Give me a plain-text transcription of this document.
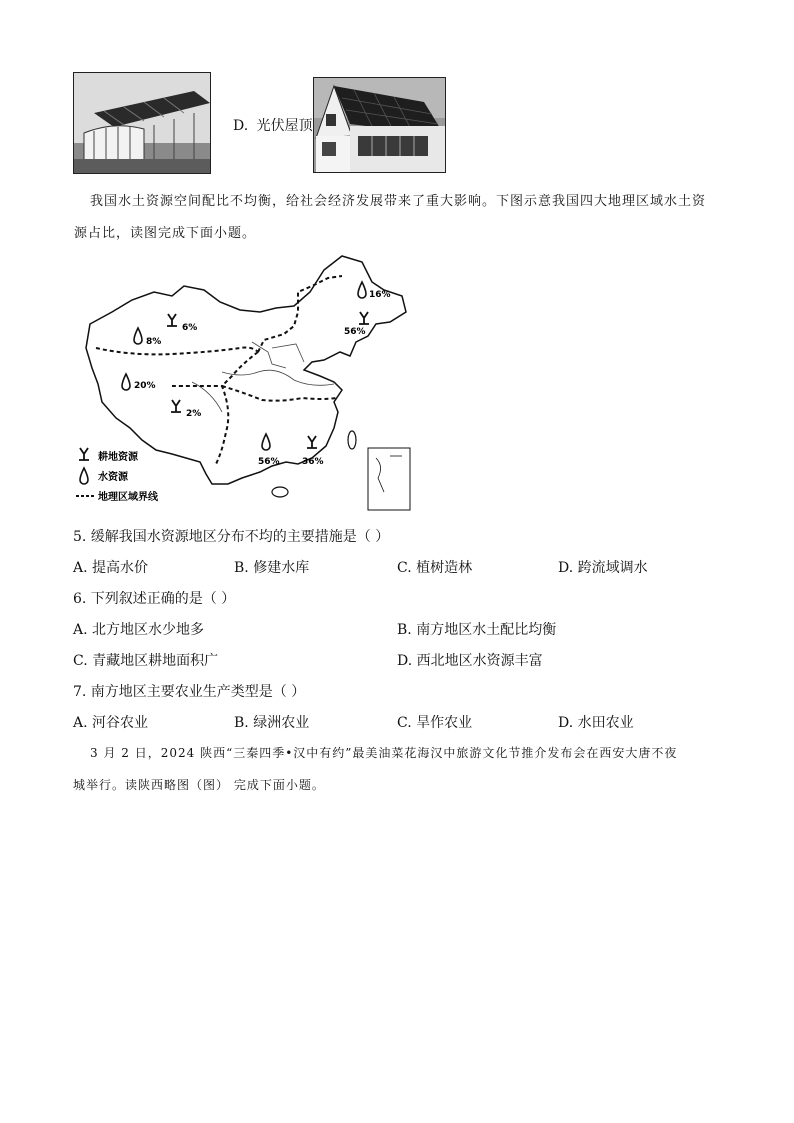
D. 光伏屋顶
我国水土资源空间配比不均衡，给社会经济发展带来了重大影响。下图示意我国四大地理区域水土资
源占比，读图完成下面小题。
16%
56%
6%
8%
20%
2%
56% 36%
耕地资源
水资源
地理区域界线
5. 缓解我国水资源地区分布不均的主要措施是（ ）
A. 提高水价	B. 修建水库	C. 植树造林	D. 跨流域调水
6. 下列叙述正确的是（ ）
A. 北方地区水少地多	B. 南方地区水土配比均衡
C. 青藏地区耕地面积广	D. 西北地区水资源丰富
7. 南方地区主要农业生产类型是（ ）
A. 河谷农业	B. 绿洲农业	C. 旱作农业	D. 水田农业
3 月 2 日，2024 陕西“三秦四季•汉中有约”最美油菜花海汉中旅游文化节推介发布会在西安大唐不夜
城举行。读陕西略图（图） 完成下面小题。
